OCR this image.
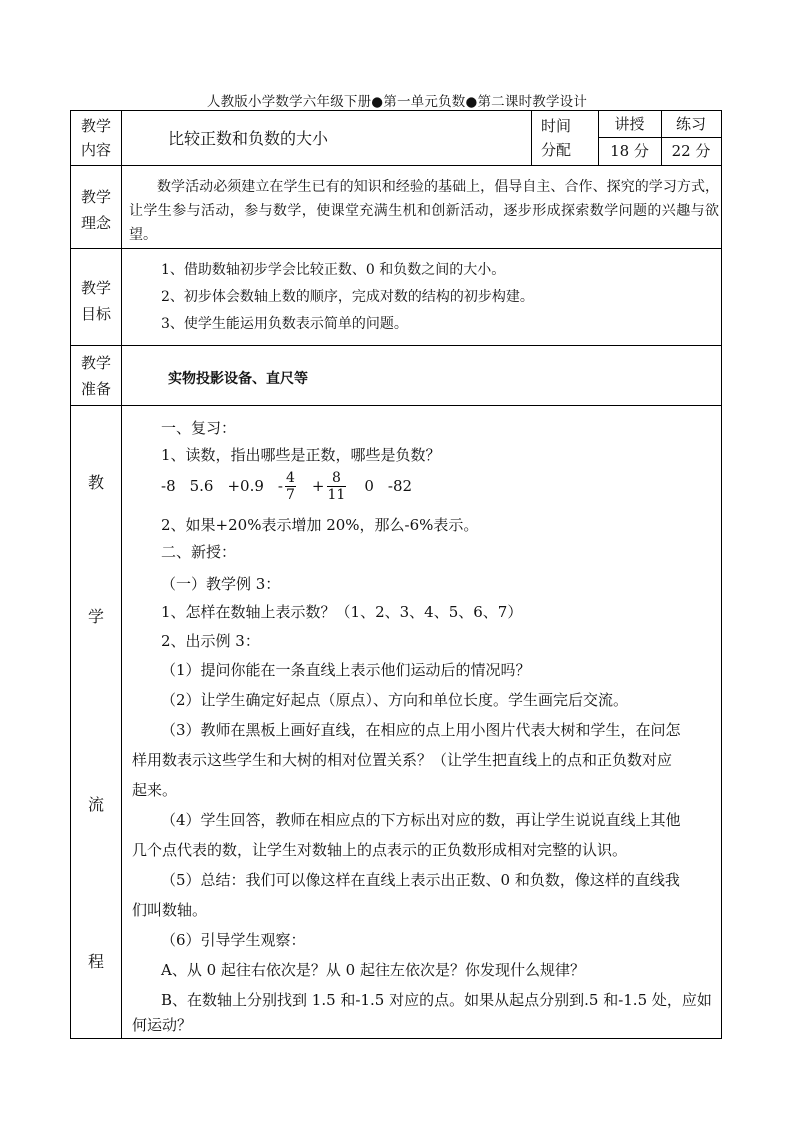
人教版小学数学六年级下册●第一单元负数●第二课时教学设计
教学
内容
比较正数和负数的大小
时间
分配
讲授
18 分
练习
22 分
教学
理念
数学活动必须建立在学生已有的知识和经验的基础上，倡导自主、合作、探究的学习方式，让学生参与活动，参与数学，使课堂充满生机和创新活动，逐步形成探索数学问题的兴趣与欲望。
教学
目标
1、借助数轴初步学会比较正数、0 和负数之间的大小。
2、初步体会数轴上数的顺序，完成对数的结构的初步构建。
3、使学生能运用负数表示简单的问题。
教学
准备
实物投影设备、直尺等
教
学
流
程
一、复习：
1、读数，指出哪些是正数，哪些是负数？
-8 $5.6 +0.9 - \frac{4}{7} + \frac{8}{11} 0$ -82
2、如果+20%表示增加 20%，那么-6%表示。
二、新授：
（一）教学例 3：
1、怎样在数轴上表示数？（1、2、3、4、5、6、7）
2、出示例 3：
（1）提问你能在一条直线上表示他们运动后的情况吗？
（2）让学生确定好起点（原点）、方向和单位长度。学生画完后交流。
（3）教师在黑板上画好直线，在相应的点上用小图片代表大树和学生，在问怎
样用数表示这些学生和大树的相对位置关系？（让学生把直线上的点和正负数对应
起来。
（4）学生回答，教师在相应点的下方标出对应的数，再让学生说说直线上其他
几个点代表的数，让学生对数轴上的点表示的正负数形成相对完整的认识。
（5）总结：我们可以像这样在直线上表示出正数、0 和负数，像这样的直线我
们叫数轴。
（6）引导学生观察：
A、从 0 起往右依次是？从 0 起往左依次是？你发现什么规律？
B、在数轴上分别找到 1.5 和-1.5 对应的点。如果从起点分别到.5 和-1.5 处，应如
何运动？
